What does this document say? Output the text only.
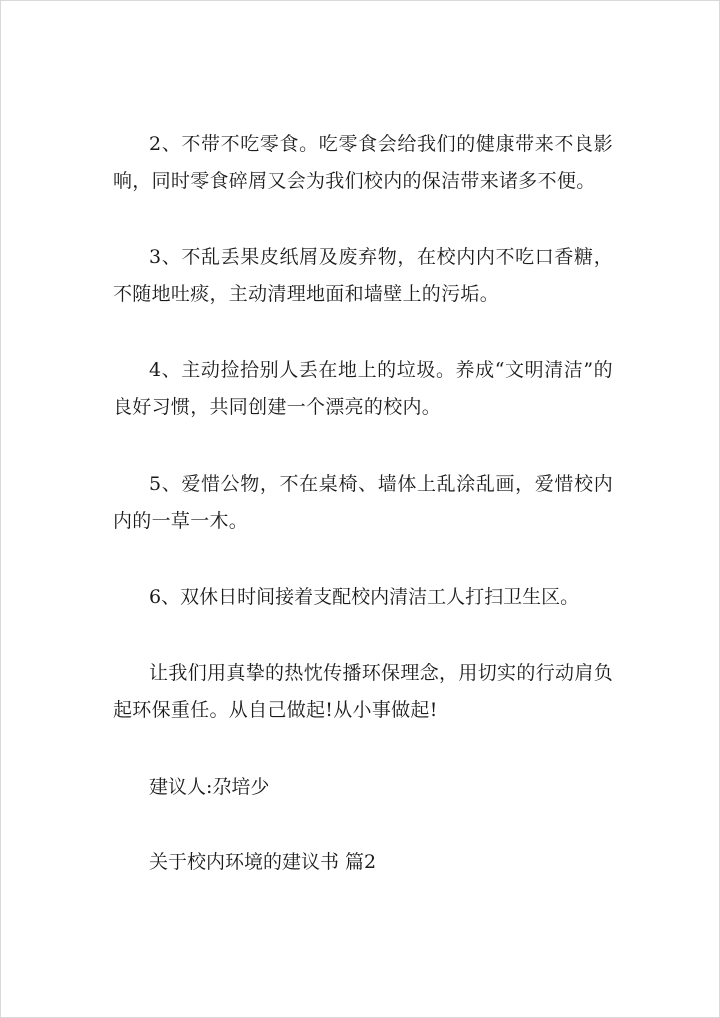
2、不带不吃零食。吃零食会给我们的健康带来不良影响，同时零食碎屑又会为我们校内的保洁带来诸多不便。

3、不乱丢果皮纸屑及废弃物，在校内内不吃口香糖，不随地吐痰，主动清理地面和墙壁上的污垢。

4、主动捡拾别人丢在地上的垃圾。养成“文明清洁”的良好习惯，共同创建一个漂亮的校内。

5、爱惜公物，不在桌椅、墙体上乱涂乱画，爱惜校内内的一草一木。

6、双休日时间接着支配校内清洁工人打扫卫生区。

让我们用真挚的热忱传播环保理念，用切实的行动肩负起环保重任。从自己做起!从小事做起!

建议人:尕培少

关于校内环境的建议书 篇2
